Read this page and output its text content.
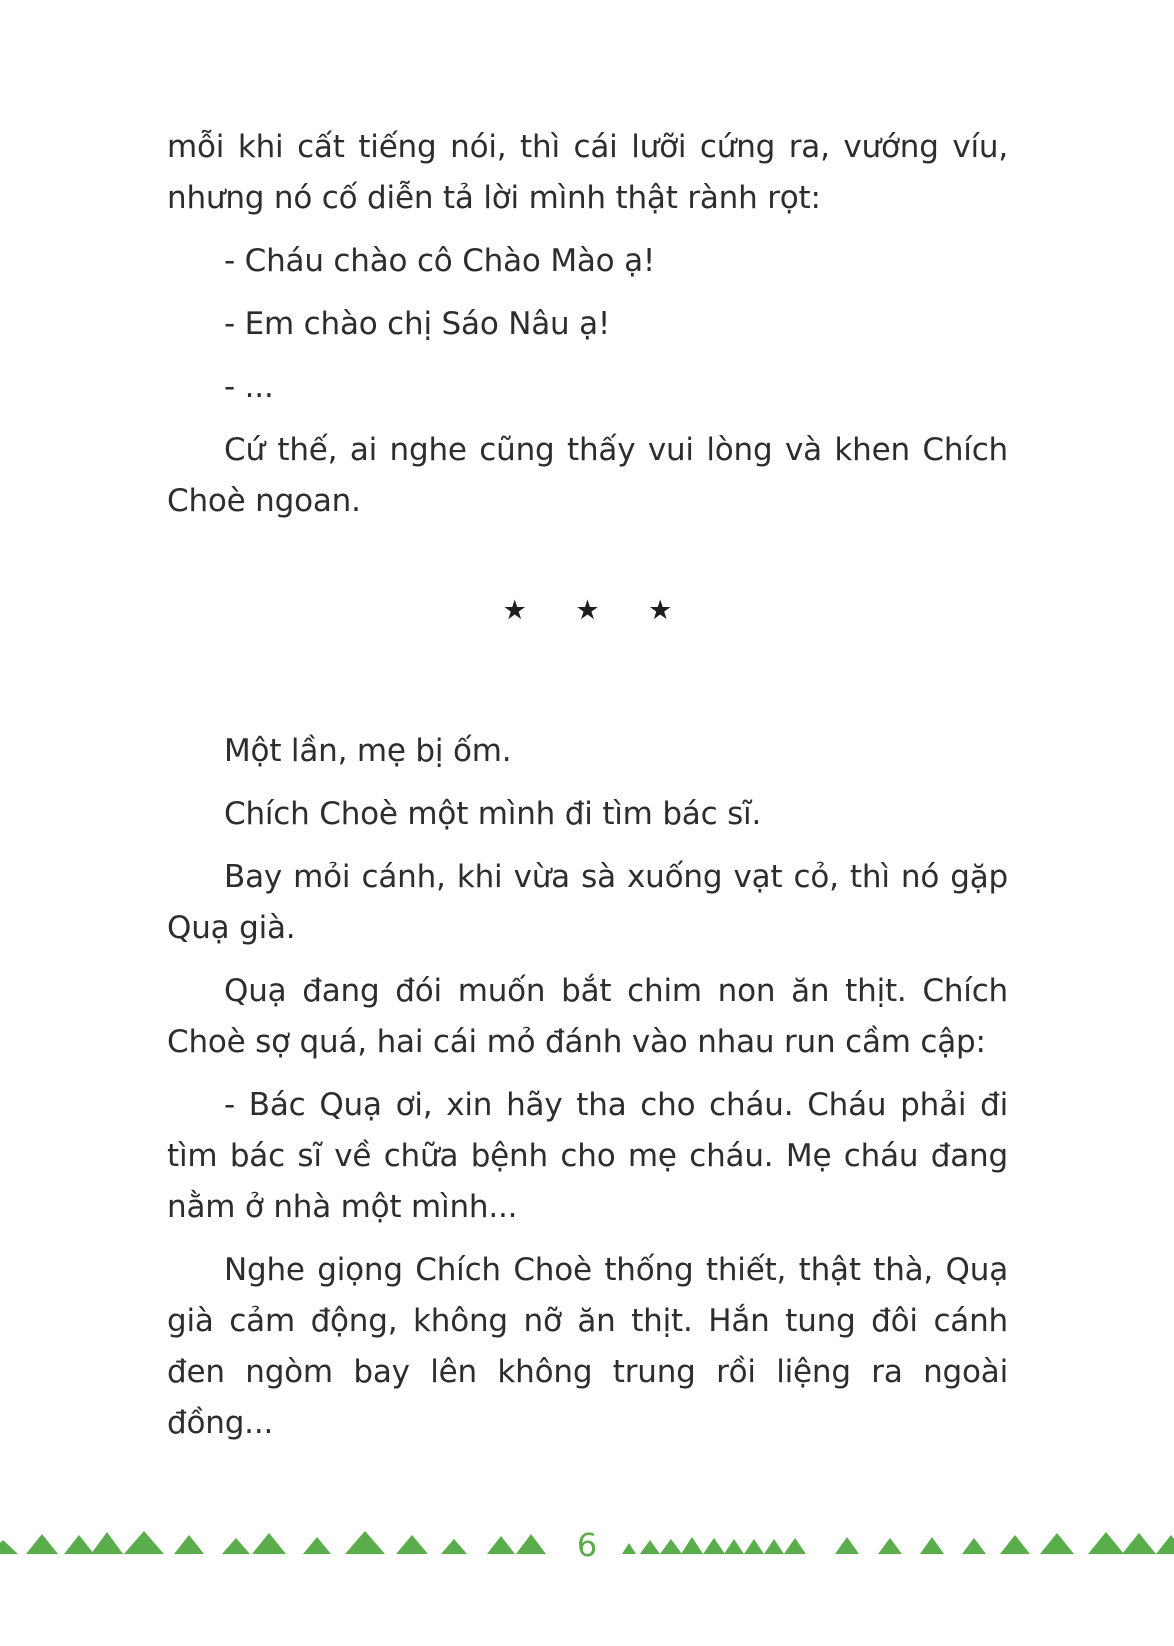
mỗi khi cất tiếng nói, thì cái lưỡi cứng ra, vướng víu, nhưng nó cố diễn tả lời mình thật rành rọt:

- Cháu chào cô Chào Mào ạ!

- Em chào chị Sáo Nâu ạ!

- ...

Cứ thế, ai nghe cũng thấy vui lòng và khen Chích Choè ngoan.

★ ★ ★

Một lần, mẹ bị ốm.

Chích Choè một mình đi tìm bác sĩ.

Bay mỏi cánh, khi vừa sà xuống vạt cỏ, thì nó gặp Quạ già.

Quạ đang đói muốn bắt chim non ăn thịt. Chích Choè sợ quá, hai cái mỏ đánh vào nhau run cầm cập:

- Bác Quạ ơi, xin hãy tha cho cháu. Cháu phải đi tìm bác sĩ về chữa bệnh cho mẹ cháu. Mẹ cháu đang nằm ở nhà một mình...

Nghe giọng Chích Choè thống thiết, thật thà, Quạ già cảm động, không nỡ ăn thịt. Hắn tung đôi cánh đen ngòm bay lên không trung rồi liệng ra ngoài đồng...

6
